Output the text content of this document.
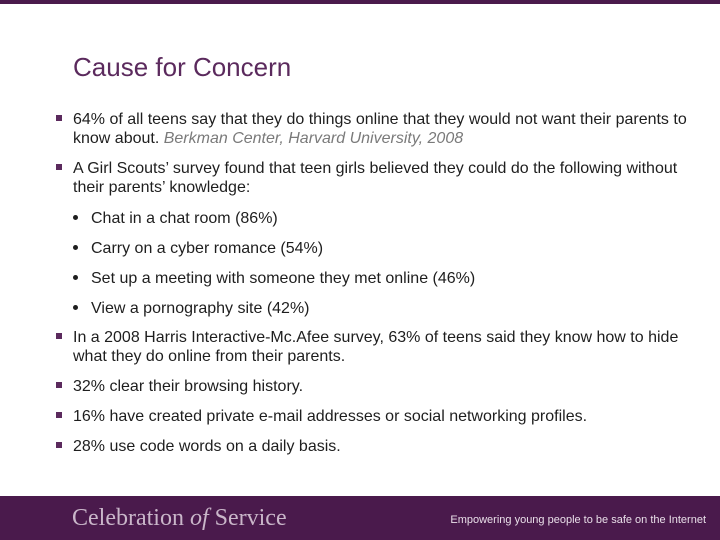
Cause for Concern
64% of all teens say that they do things online that they would not want their parents to know about. Berkman Center, Harvard University, 2008
A Girl Scouts’ survey found that teen girls believed they could do the following without their parents’ knowledge:
Chat in a chat room (86%)
Carry on a cyber romance (54%)
Set up a meeting with someone they met online (46%)
View a pornography site (42%)
In a 2008 Harris Interactive-Mc.Afee survey, 63% of teens said they know how to hide what they do online from their parents.
32% clear their browsing history.
16% have created private e-mail addresses or social networking profiles.
28% use code words on a daily basis.
Celebration of Service	Empowering young people to be safe on the Internet
